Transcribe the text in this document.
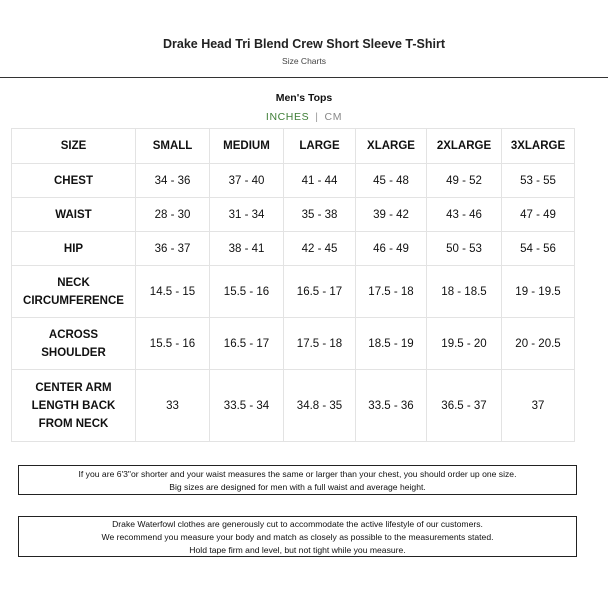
Drake Head Tri Blend Crew Short Sleeve T-Shirt
Size Charts
Men's Tops
INCHES | CM
SIZE	SMALL	MEDIUM	LARGE	XLARGE	2XLARGE	3XLARGE

CHEST	34 - 36	37 - 40	41 - 44	45 - 48	49 - 52	53 - 55

WAIST	28 - 30	31 - 34	35 - 38	39 - 42	43 - 46	47 - 49

HIP	36 - 37	38 - 41	42 - 45	46 - 49	50 - 53	54 - 56

NECK
CIRCUMFERENCE	14.5 - 15	15.5 - 16	16.5 - 17	17.5 - 18	18 - 18.5	19 - 19.5

ACROSS
SHOULDER	15.5 - 16	16.5 - 17	17.5 - 18	18.5 - 19	19.5 - 20	20 - 20.5

CENTER ARM
LENGTH BACK
FROM NECK	33	33.5 - 34	34.8 - 35	33.5 - 36	36.5 - 37	37
If you are 6'3"or shorter and your waist measures the same or larger than your chest, you should order up one size.
Big sizes are designed for men with a full waist and average height.
Drake Waterfowl clothes are generously cut to accommodate the active lifestyle of our customers.
We recommend you measure your body and match as closely as possible to the measurements stated.
Hold tape firm and level, but not tight while you measure.
